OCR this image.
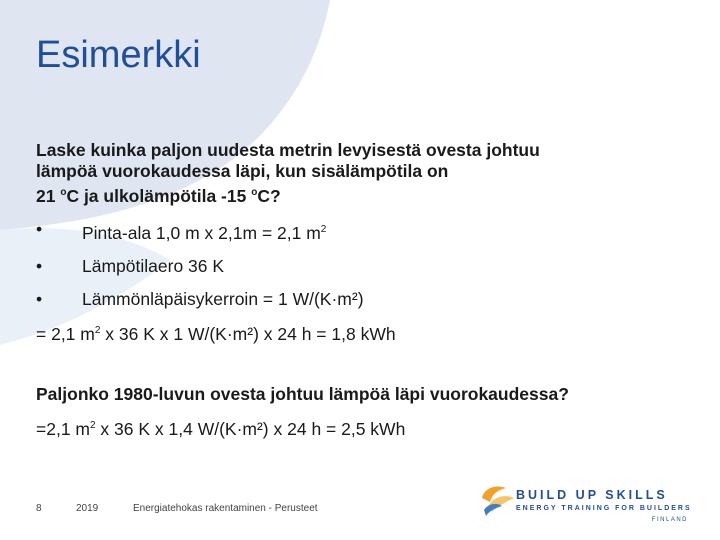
Esimerkki
Laske kuinka paljon uudesta metrin levyisestä ovesta johtuu
lämpöä vuorokaudessa läpi, kun sisälämpötila on
21 $^o$C ja ulkolämpötila -15 $^o$C?
•	Pinta-ala 1,0 m x 2,1m = 2,1 $m^2$
•	Lämpötilaero 36 K
•	Lämmönläpäisykerroin = 1 W/(K·m²)
= 2,1 $m^2$ x 36 K x 1 W/(K·m²) x 24 h = 1,8 kWh
Paljonko 1980-luvun ovesta johtuu lämpöä läpi vuorokaudessa?
=2,1 $m^2$ x 36 K x 1,4 W/(K·m²) x 24 h = 2,5 kWh
8	2019	Energiatehokas rakentaminen - Perusteet
BUILD UP SKILLS
ENERGY TRAINING FOR BUILDERS
FINLAND
